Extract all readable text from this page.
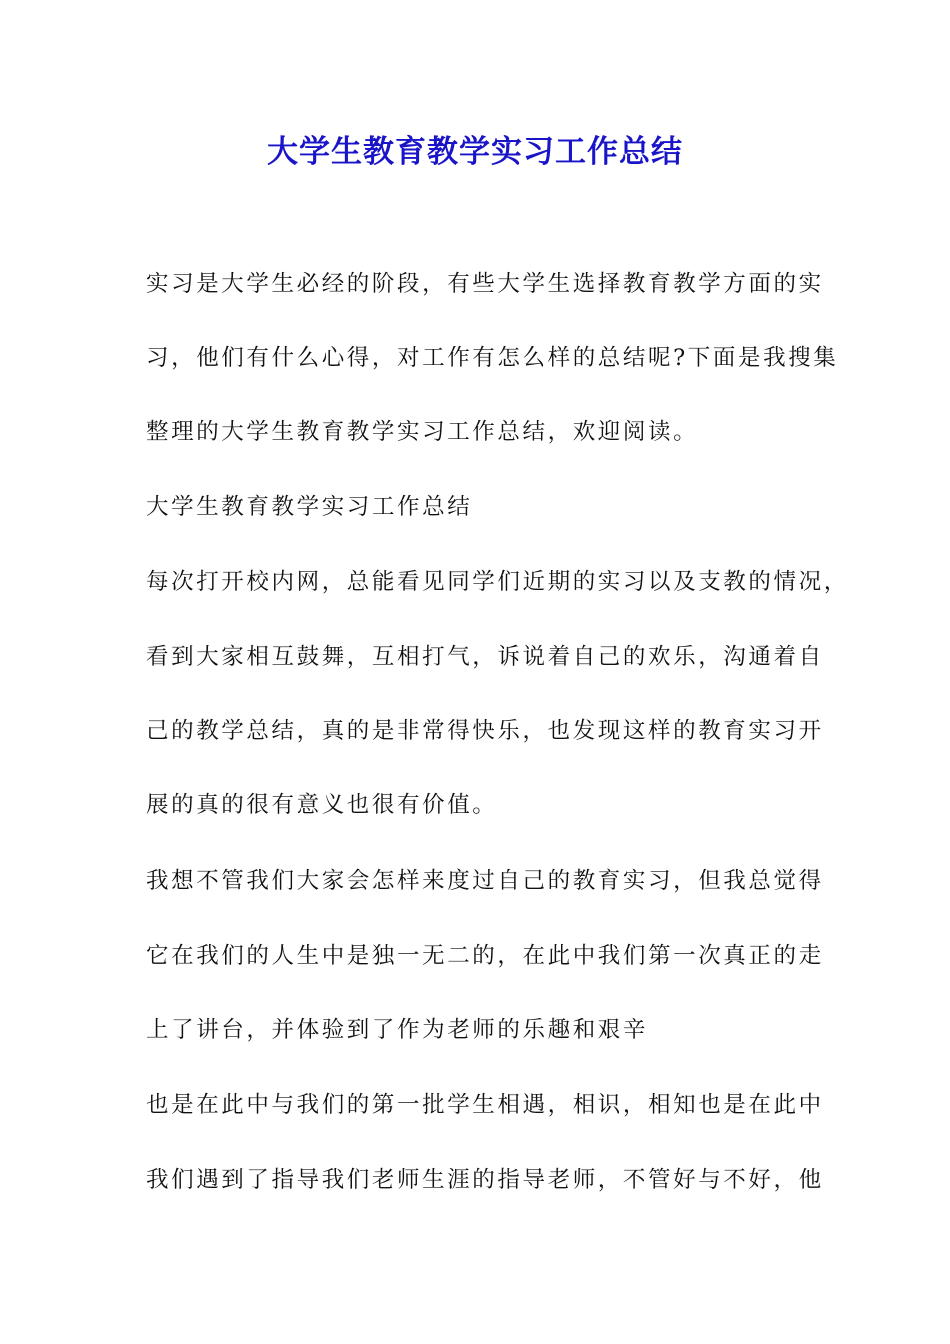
大学生教育教学实习工作总结

实习是大学生必经的阶段，有些大学生选择教育教学方面的实

习，他们有什么心得，对工作有怎么样的总结呢?下面是我搜集

整理的大学生教育教学实习工作总结，欢迎阅读。

大学生教育教学实习工作总结

每次打开校内网，总能看见同学们近期的实习以及支教的情况，

看到大家相互鼓舞，互相打气，诉说着自己的欢乐，沟通着自

己的教学总结，真的是非常得快乐，也发现这样的教育实习开

展的真的很有意义也很有价值。

我想不管我们大家会怎样来度过自己的教育实习，但我总觉得

它在我们的人生中是独一无二的，在此中我们第一次真正的走

上了讲台，并体验到了作为老师的乐趣和艰辛

也是在此中与我们的第一批学生相遇，相识，相知也是在此中

我们遇到了指导我们老师生涯的指导老师，不管好与不好，他
